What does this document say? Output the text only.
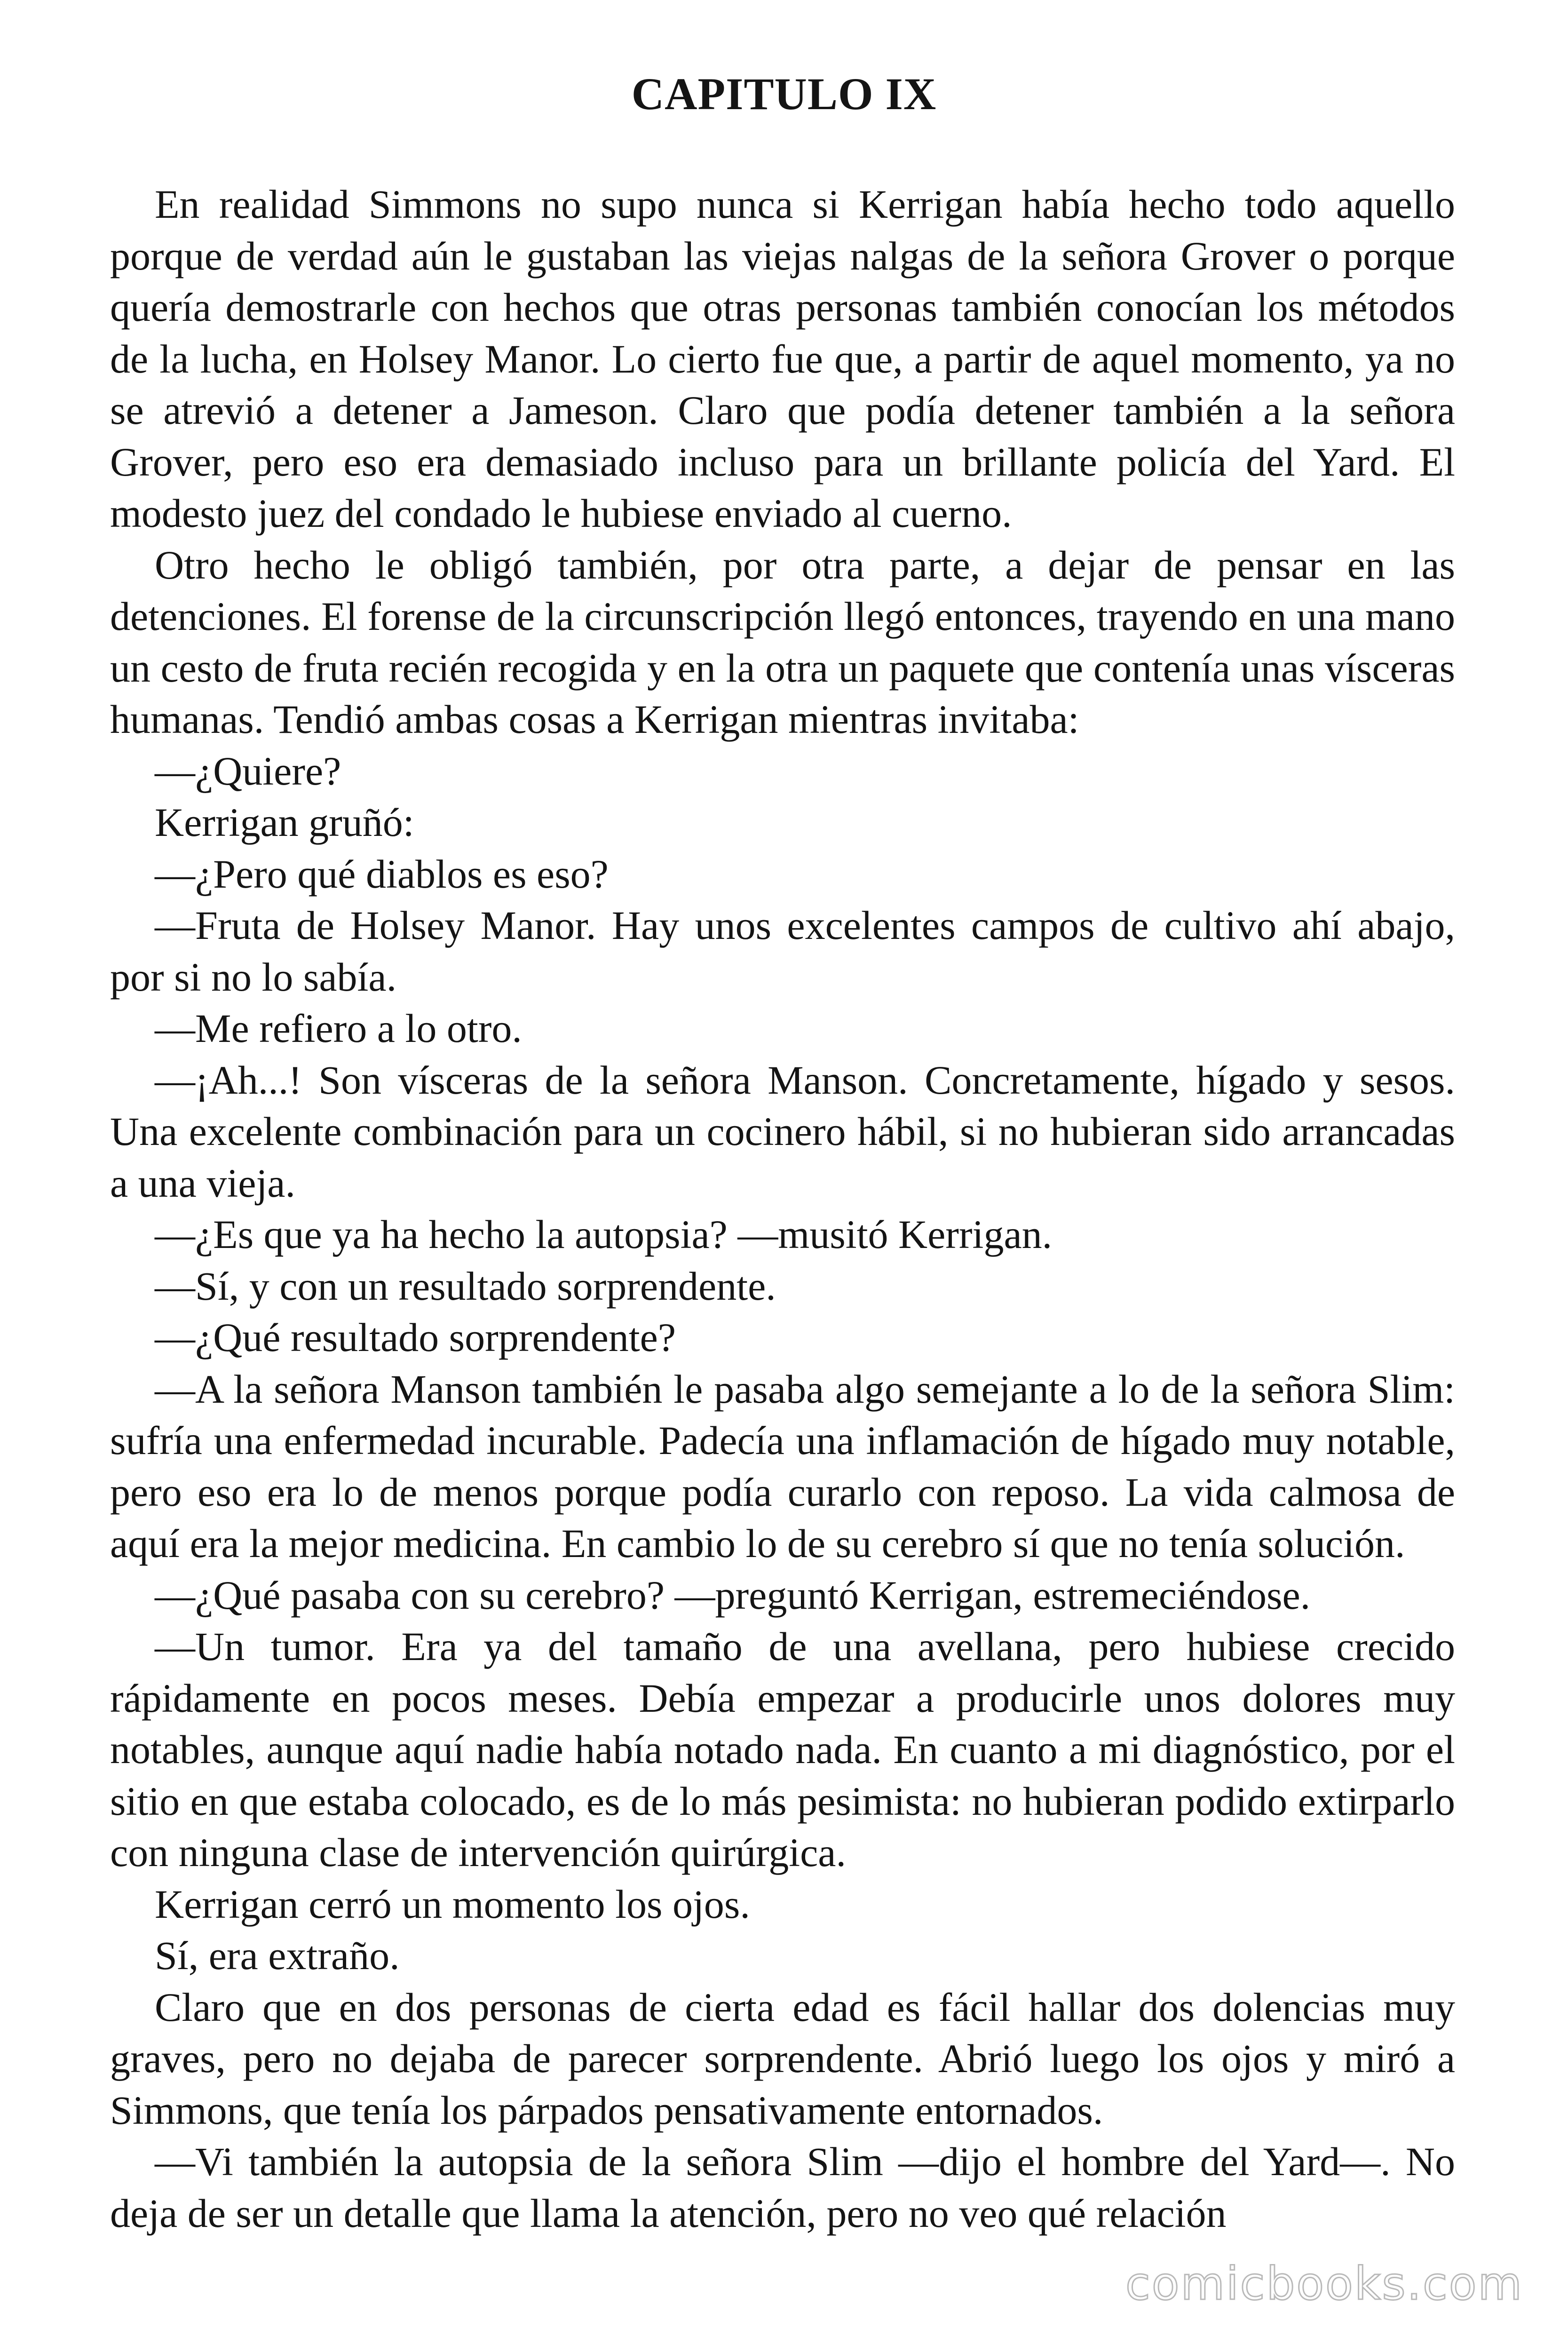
CAPITULO IX

En realidad Simmons no supo nunca si Kerrigan había hecho todo aquello porque de verdad aún le gustaban las viejas nalgas de la señora Grover o porque quería demostrarle con hechos que otras personas también conocían los métodos de la lucha, en Holsey Manor. Lo cierto fue que, a partir de aquel momento, ya no se atrevió a detener a Jameson. Claro que podía detener también a la señora Grover, pero eso era demasiado incluso para un brillante policía del Yard. El modesto juez del condado le hubiese enviado al cuerno.

Otro hecho le obligó también, por otra parte, a dejar de pensar en las detenciones. El forense de la circunscripción llegó entonces, trayendo en una mano un cesto de fruta recién recogida y en la otra un paquete que contenía unas vísceras humanas. Tendió ambas cosas a Kerrigan mientras invitaba:

—¿Quiere?

Kerrigan gruñó:

—¿Pero qué diablos es eso?

—Fruta de Holsey Manor. Hay unos excelentes campos de cultivo ahí abajo, por si no lo sabía.

—Me refiero a lo otro.

—¡Ah...! Son vísceras de la señora Manson. Concretamente, hígado y sesos. Una excelente combinación para un cocinero hábil, si no hubieran sido arrancadas a una vieja.

—¿Es que ya ha hecho la autopsia? —musitó Kerrigan.

—Sí, y con un resultado sorprendente.

—¿Qué resultado sorprendente?

—A la señora Manson también le pasaba algo semejante a lo de la señora Slim: sufría una enfermedad incurable. Padecía una inflamación de hígado muy notable, pero eso era lo de menos porque podía curarlo con reposo. La vida calmosa de aquí era la mejor medicina. En cambio lo de su cerebro sí que no tenía solución.

—¿Qué pasaba con su cerebro? —preguntó Kerrigan, estremeciéndose.

—Un tumor. Era ya del tamaño de una avellana, pero hubiese crecido rápidamente en pocos meses. Debía empezar a producirle unos dolores muy notables, aunque aquí nadie había notado nada. En cuanto a mi diagnóstico, por el sitio en que estaba colocado, es de lo más pesimista: no hubieran podido extirparlo con ninguna clase de intervención quirúrgica.

Kerrigan cerró un momento los ojos.

Sí, era extraño.

Claro que en dos personas de cierta edad es fácil hallar dos dolencias muy graves, pero no dejaba de parecer sorprendente. Abrió luego los ojos y miró a Simmons, que tenía los párpados pensativamente entornados.

—Vi también la autopsia de la señora Slim —dijo el hombre del Yard—. No deja de ser un detalle que llama la atención, pero no veo qué relación

comicbooks.com
